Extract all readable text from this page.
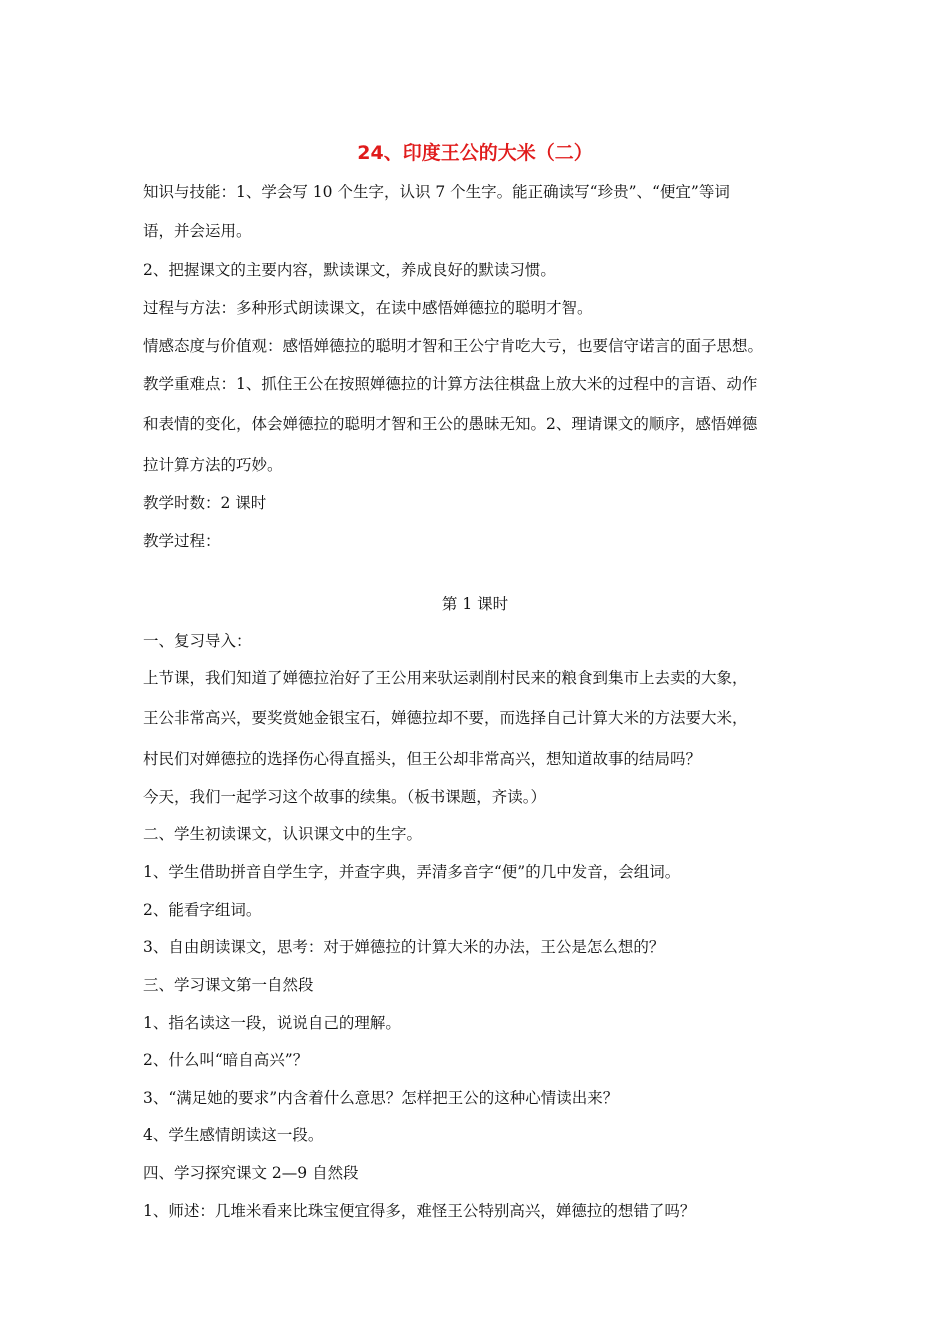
24、印度王公的大米（二）
知识与技能：1、学会写 10 个生字，认识 7 个生字。能正确读写“珍贵”、“便宜”等词
语，并会运用。
2、把握课文的主要内容，默读课文，养成良好的默读习惯。
过程与方法：多种形式朗读课文，在读中感悟婵德拉的聪明才智。
情感态度与价值观：感悟婵德拉的聪明才智和王公宁肯吃大亏，也要信守诺言的面子思想。
教学重难点：1、抓住王公在按照婵德拉的计算方法往棋盘上放大米的过程中的言语、动作
和表情的变化，体会婵德拉的聪明才智和王公的愚昧无知。2、理请课文的顺序，感悟婵德
拉计算方法的巧妙。
教学时数：2 课时
教学过程：
第 1 课时
一、复习导入：
上节课，我们知道了婵德拉治好了王公用来驮运剥削村民来的粮食到集市上去卖的大象，
王公非常高兴，要奖赏她金银宝石，婵德拉却不要，而选择自己计算大米的方法要大米，
村民们对婵德拉的选择伤心得直摇头，但王公却非常高兴，想知道故事的结局吗？
今天，我们一起学习这个故事的续集。（板书课题，齐读。）
二、学生初读课文，认识课文中的生字。
1、学生借助拼音自学生字，并查字典，弄清多音字“便”的几中发音，会组词。
2、能看字组词。
3、自由朗读课文，思考：对于婵德拉的计算大米的办法，王公是怎么想的？
三、学习课文第一自然段
1、指名读这一段，说说自己的理解。
2、什么叫“暗自高兴”？
3、“满足她的要求”内含着什么意思？怎样把王公的这种心情读出来？
4、学生感情朗读这一段。
四、学习探究课文 2—9 自然段
1、师述：几堆米看来比珠宝便宜得多，难怪王公特别高兴，婵德拉的想错了吗？
